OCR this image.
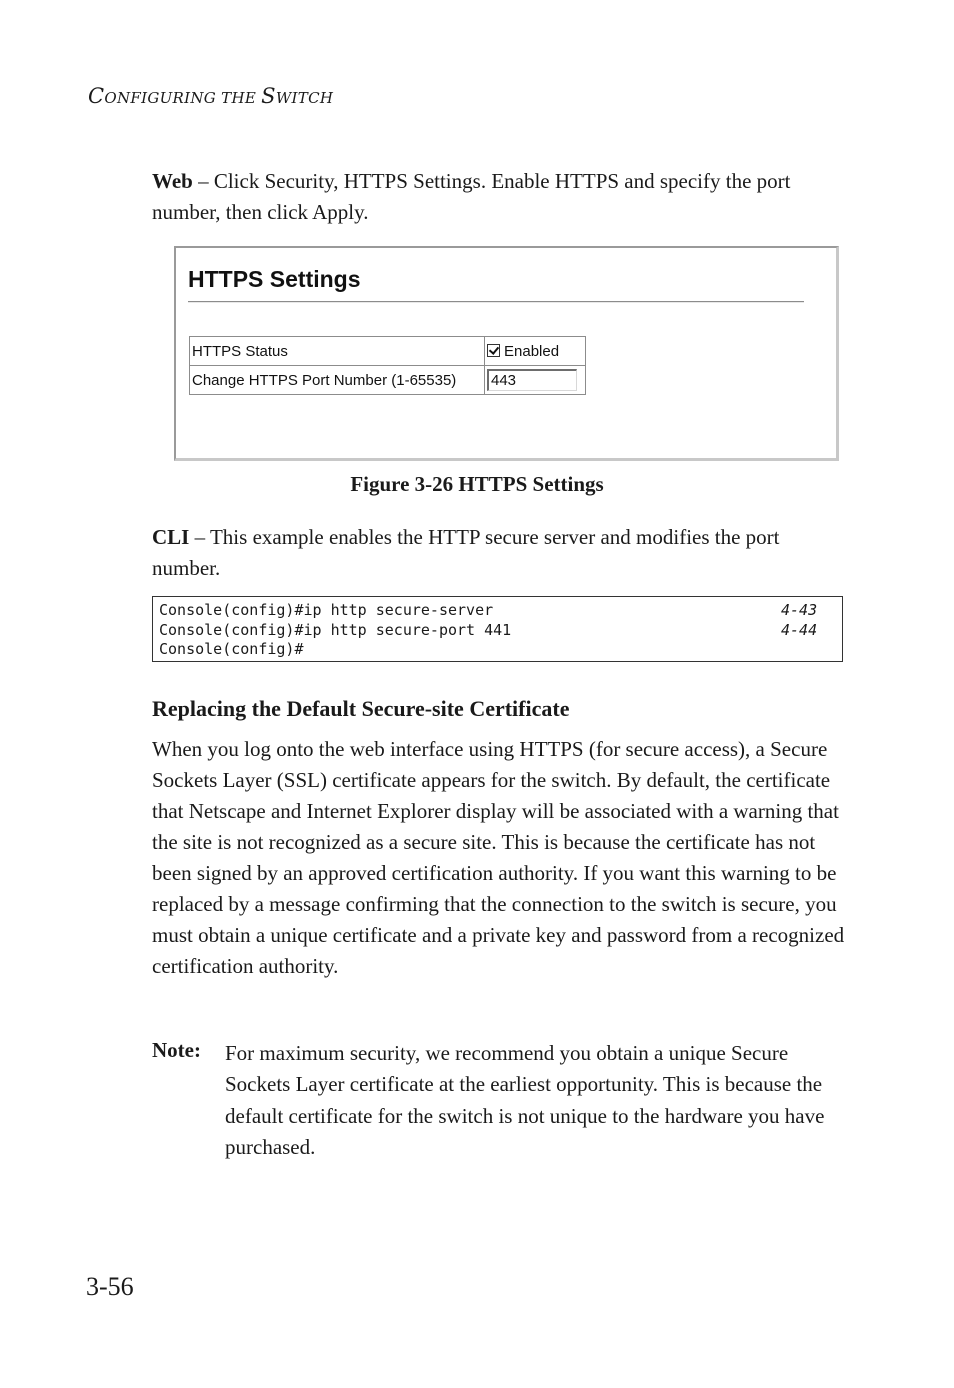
CONFIGURING THE SWITCH
Web – Click Security, HTTPS Settings. Enable HTTPS and specify the port number, then click Apply.
HTTPS Settings
HTTPS Status	Enabled
Change HTTPS Port Number (1-65535)	443
Figure 3-26 HTTPS Settings
CLI – This example enables the HTTP secure server and modifies the port number.
Console(config)#ip http secure-server	4-43
Console(config)#ip http secure-port 441	4-44
Console(config)#
Replacing the Default Secure-site Certificate
When you log onto the web interface using HTTPS (for secure access), a Secure Sockets Layer (SSL) certificate appears for the switch. By default, the certificate that Netscape and Internet Explorer display will be associated with a warning that the site is not recognized as a secure site. This is because the certificate has not been signed by an approved certification authority. If you want this warning to be replaced by a message confirming that the connection to the switch is secure, you must obtain a unique certificate and a private key and password from a recognized certification authority.
Note: For maximum security, we recommend you obtain a unique Secure Sockets Layer certificate at the earliest opportunity. This is because the default certificate for the switch is not unique to the hardware you have purchased.
3-56
